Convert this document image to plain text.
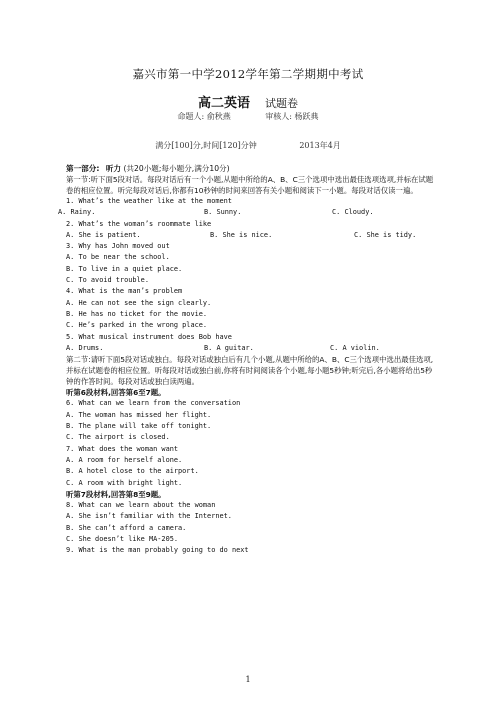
嘉兴市第一中学2012学年第二学期期中考试
高二英语 试题卷
命题人: 俞秋燕	审核人: 杨跃典
满分[100]分,时间[120]分钟	2013年4月
第一部分: 听力 (共20小题;每小题分,满分10分)

第一节:听下面5段对话。每段对话后有一个小题,从题中所给的A、B、C三个选项中选出最佳选项选项,并标在试题卷的相应位置。听完每段对话后,你都有10秒钟的时间来回答有关小题和阅读下一小题。每段对话仅读一遍。

1. What’s the weather like at the moment

A. Rainy.

	B. Sunny.

	C. Cloudy.

2. What’s the woman’s roommate like

A. She is patient.

	B. She is nice.

	C. She is tidy.

3. Why has John moved out
A. To be near the school.
B. To live in a quiet place.
C. To avoid trouble.
4. What is the man’s problem
A. He can not see the sign clearly.
B. He has no ticket for the movie.
C. He’s parked in the wrong place.
5. What musical instrument does Bob have

A. Drums.

	B. A guitar.

	C. A violin.

第二节:请听下面5段对话或独白。每段对话或独白后有几个小题,从题中所给的A、B、C三个选项中选出最佳选项,并标在试题卷的相应位置。听每段对话或独白前,你将有时间阅读各个小题,每小题5秒钟;听完后,各小题将给出5秒钟的作答时间。每段对话或独白读两遍。

听第6段材料,回答第6至7题。
6. What can we learn from the conversation
A. The woman has missed her flight.
B. The plane will take off tonight.
C. The airport is closed.
7. What does the woman want
A. A room for herself alone.
B. A hotel close to the airport.
C. A room with bright light.
听第7段材料,回答第8至9题。
8. What can we learn about the woman
A. She isn’t familiar with the Internet.
B. She can’t afford a camera.
C. She doesn’t like MA-205.
9. What is the man probably going to do next
1
